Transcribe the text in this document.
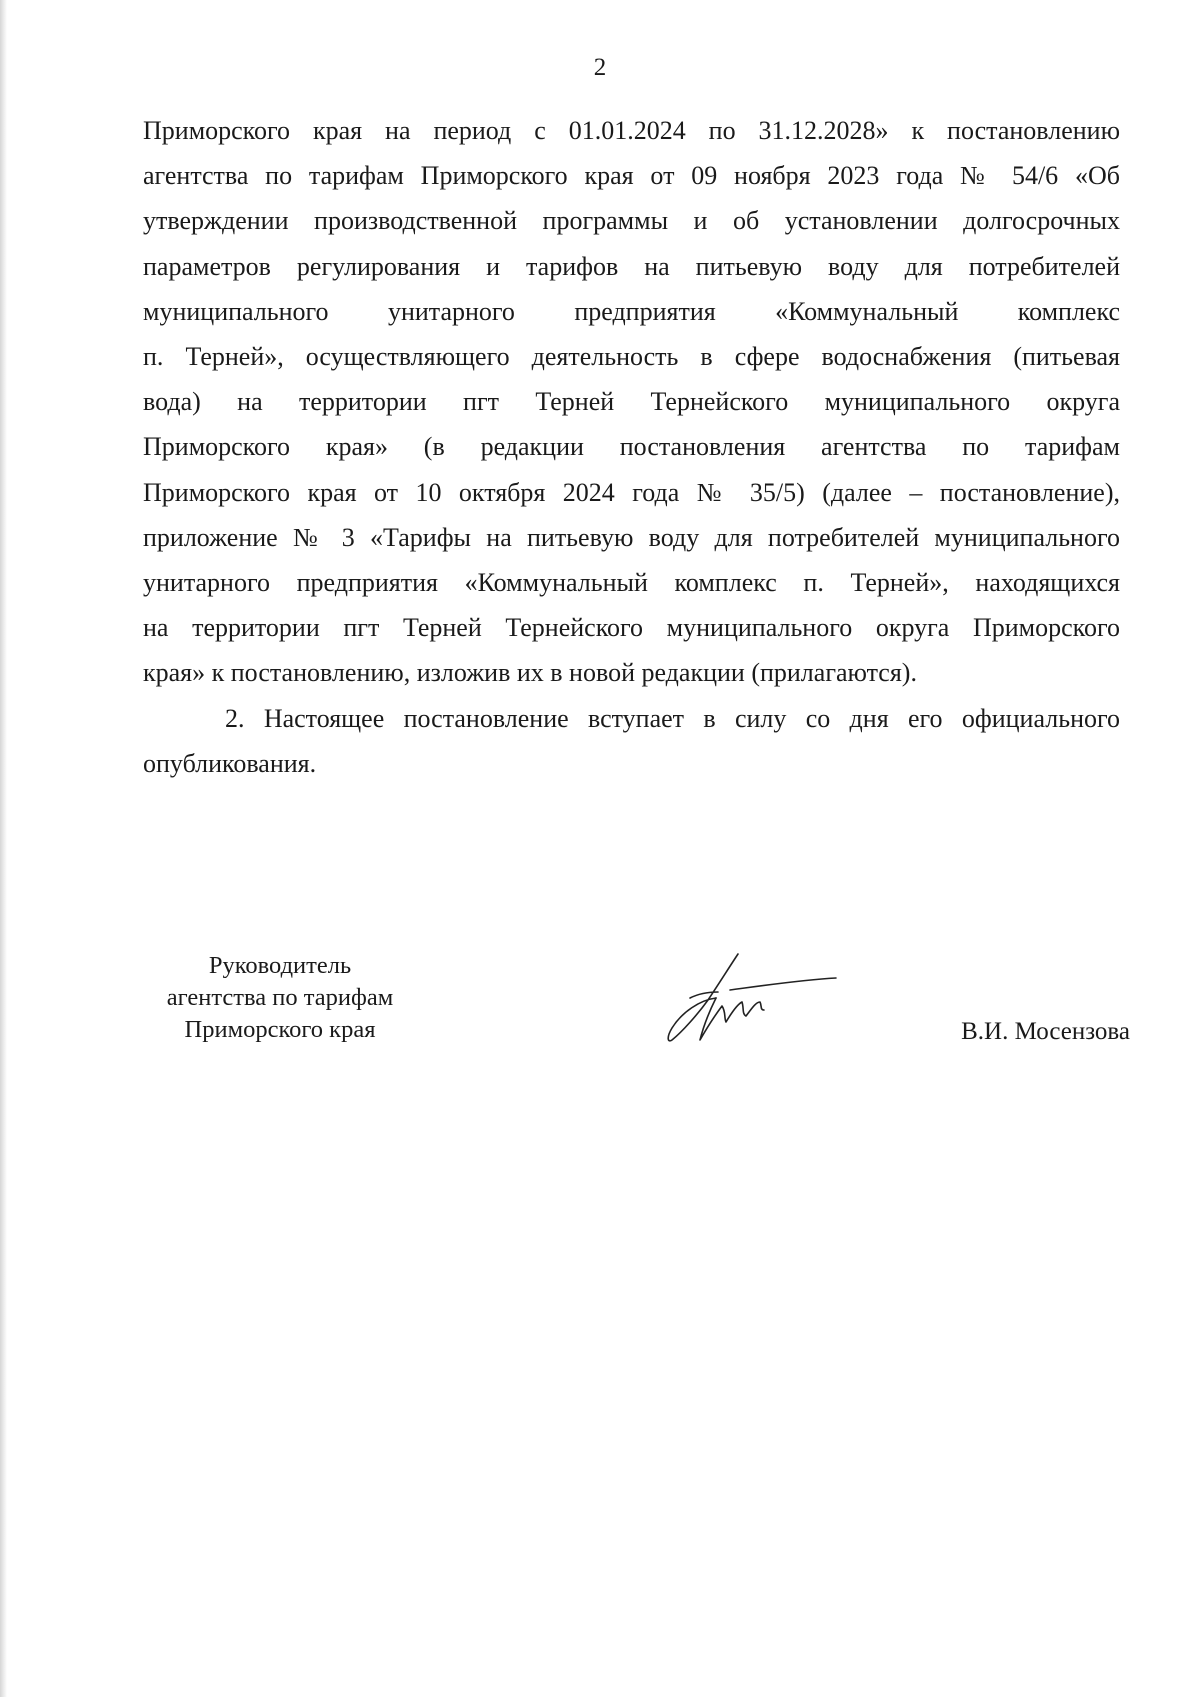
2
Приморского края на период с 01.01.2024 по 31.12.2028» к постановлению
агентства по тарифам Приморского края от 09 ноября 2023 года № 54/6 «Об
утверждении производственной программы и об установлении долгосрочных
параметров регулирования и тарифов на питьевую воду для потребителей
муниципального унитарного предприятия «Коммунальный комплекс
п. Терней», осуществляющего деятельность в сфере водоснабжения (питьевая
вода) на территории пгт Терней Тернейского муниципального округа
Приморского края» (в редакции постановления агентства по тарифам
Приморского края от 10 октября 2024 года № 35/5) (далее – постановление),
приложение № 3 «Тарифы на питьевую воду для потребителей муниципального
унитарного предприятия «Коммунальный комплекс п. Терней», находящихся
на территории пгт Терней Тернейского муниципального округа Приморского
края» к постановлению, изложив их в новой редакции (прилагаются).
2. Настоящее постановление вступает в силу со дня его официального
опубликования.
Руководитель
агентства по тарифам
Приморского края	В.И. Мосензова
